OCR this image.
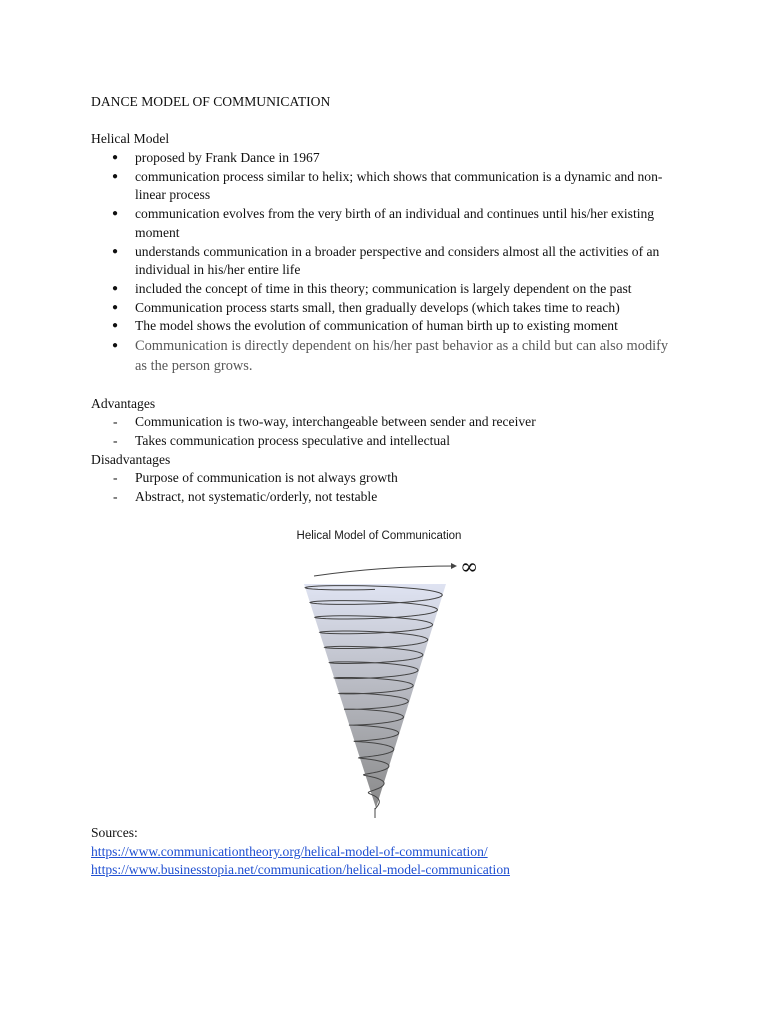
DANCE MODEL OF COMMUNICATION

Helical Model

● proposed by Frank Dance in 1967
● communication process similar to helix; which shows that communication is a dynamic and non-linear process
● communication evolves from the very birth of an individual and continues until his/her existing moment
● understands communication in a broader perspective and considers almost all the activities of an individual in his/her entire life
● included the concept of time in this theory; communication is largely dependent on the past
● Communication process starts small, then gradually develops (which takes time to reach)
● The model shows the evolution of communication of human birth up to existing moment
● Communication is directly dependent on his/her past behavior as a child but can also modify as the person grows.

Advantages

- Communication is two-way, interchangeable between sender and receiver
- Takes communication process speculative and intellectual

Disadvantages

- Purpose of communication is not always growth
- Abstract, not systematic/orderly, not testable
∞
Helical Model of Communication
Sources:
https://www.communicationtheory.org/helical-model-of-communication/
https://www.businesstopia.net/communication/helical-model-communication
